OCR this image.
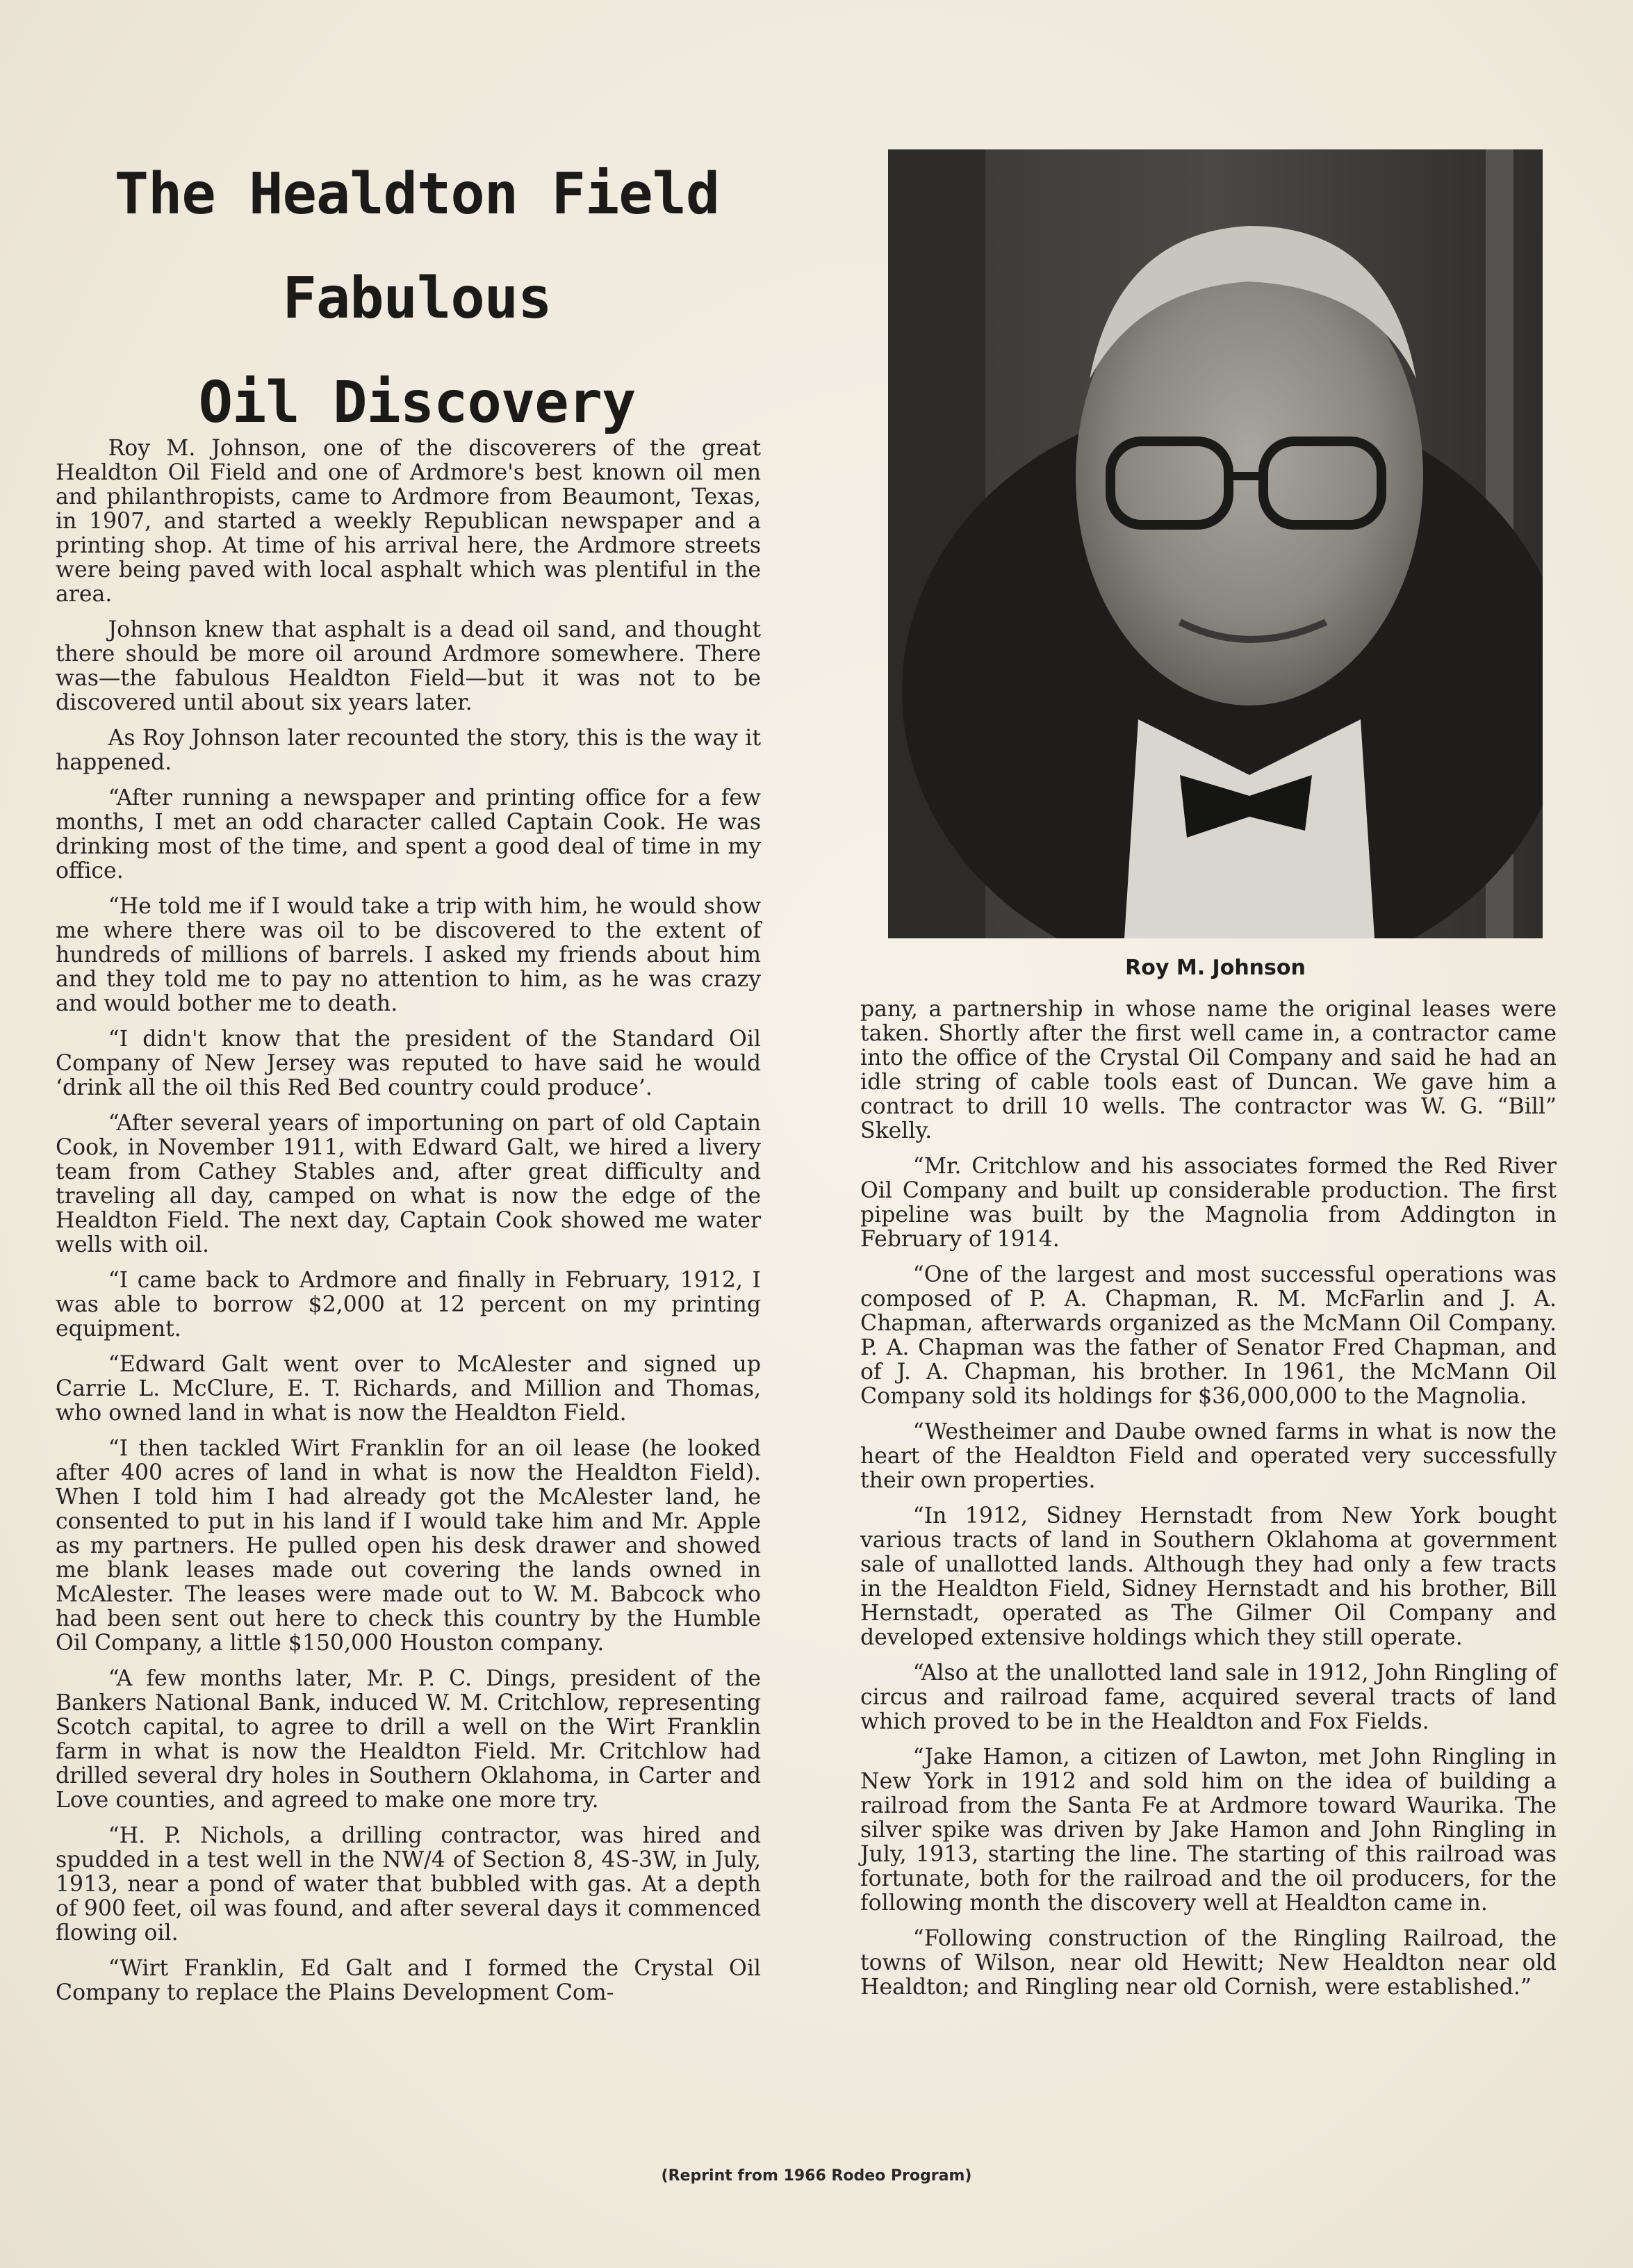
The Healdton Field
Fabulous
Oil Discovery

Roy M. Johnson, one of the discoverers of the great Healdton Oil Field and one of Ardmore's best known oil men and philanthropists, came to Ardmore from Beaumont, Texas, in 1907, and started a weekly Republican newspaper and a printing shop. At time of his arrival here, the Ardmore streets were being paved with local asphalt which was plentiful in the area.

Johnson knew that asphalt is a dead oil sand, and thought there should be more oil around Ardmore somewhere. There was—the fabulous Healdton Field—but it was not to be discovered until about six years later.

As Roy Johnson later recounted the story, this is the way it happened.

“After running a newspaper and printing office for a few months, I met an odd character called Captain Cook. He was drinking most of the time, and spent a good deal of time in my office.

“He told me if I would take a trip with him, he would show me where there was oil to be discovered to the extent of hundreds of millions of barrels. I asked my friends about him and they told me to pay no attention to him, as he was crazy and would bother me to death.

“I didn't know that the president of the Standard Oil Company of New Jersey was reputed to have said he would ‘drink all the oil this Red Bed country could produce’.

“After several years of importuning on part of old Captain Cook, in November 1911, with Edward Galt, we hired a livery team from Cathey Stables and, after great difficulty and traveling all day, camped on what is now the edge of the Healdton Field. The next day, Captain Cook showed me water wells with oil.

“I came back to Ardmore and finally in February, 1912, I was able to borrow $2,000 at 12 percent on my printing equipment.

“Edward Galt went over to McAlester and signed up Carrie L. McClure, E. T. Richards, and Million and Thomas, who owned land in what is now the Healdton Field.

“I then tackled Wirt Franklin for an oil lease (he looked after 400 acres of land in what is now the Healdton Field). When I told him I had already got the McAlester land, he consented to put in his land if I would take him and Mr. Apple as my partners. He pulled open his desk drawer and showed me blank leases made out covering the lands owned in McAlester. The leases were made out to W. M. Babcock who had been sent out here to check this country by the Humble Oil Company, a little $150,000 Houston company.

“A few months later, Mr. P. C. Dings, president of the Bankers National Bank, induced W. M. Critchlow, representing Scotch capital, to agree to drill a well on the Wirt Franklin farm in what is now the Healdton Field. Mr. Critchlow had drilled several dry holes in Southern Oklahoma, in Carter and Love counties, and agreed to make one more try.

“H. P. Nichols, a drilling contractor, was hired and spudded in a test well in the NW/4 of Section 8, 4S-3W, in July, 1913, near a pond of water that bubbled with gas. At a depth of 900 feet, oil was found, and after several days it commenced flowing oil.

“Wirt Franklin, Ed Galt and I formed the Crystal Oil Company to replace the Plains Development Com-

Roy M. Johnson

pany, a partnership in whose name the original leases were taken. Shortly after the first well came in, a contractor came into the office of the Crystal Oil Company and said he had an idle string of cable tools east of Duncan. We gave him a contract to drill 10 wells. The contractor was W. G. “Bill” Skelly.

“Mr. Critchlow and his associates formed the Red River Oil Company and built up considerable production. The first pipeline was built by the Magnolia from Addington in February of 1914.

“One of the largest and most successful operations was composed of P. A. Chapman, R. M. McFarlin and J. A. Chapman, afterwards organized as the McMann Oil Company. P. A. Chapman was the father of Senator Fred Chapman, and of J. A. Chapman, his brother. In 1961, the McMann Oil Company sold its holdings for $36,000,000 to the Magnolia.

“Westheimer and Daube owned farms in what is now the heart of the Healdton Field and operated very successfully their own properties.

“In 1912, Sidney Hernstadt from New York bought various tracts of land in Southern Oklahoma at government sale of unallotted lands. Although they had only a few tracts in the Healdton Field, Sidney Hernstadt and his brother, Bill Hernstadt, operated as The Gilmer Oil Company and developed extensive holdings which they still operate.

“Also at the unallotted land sale in 1912, John Ringling of circus and railroad fame, acquired several tracts of land which proved to be in the Healdton and Fox Fields.

“Jake Hamon, a citizen of Lawton, met John Ringling in New York in 1912 and sold him on the idea of building a railroad from the Santa Fe at Ardmore toward Waurika. The silver spike was driven by Jake Hamon and John Ringling in July, 1913, starting the line. The starting of this railroad was fortunate, both for the railroad and the oil producers, for the following month the discovery well at Healdton came in.

“Following construction of the Ringling Railroad, the towns of Wilson, near old Hewitt; New Healdton near old Healdton; and Ringling near old Cornish, were established.”

(Reprint from 1966 Rodeo Program)
